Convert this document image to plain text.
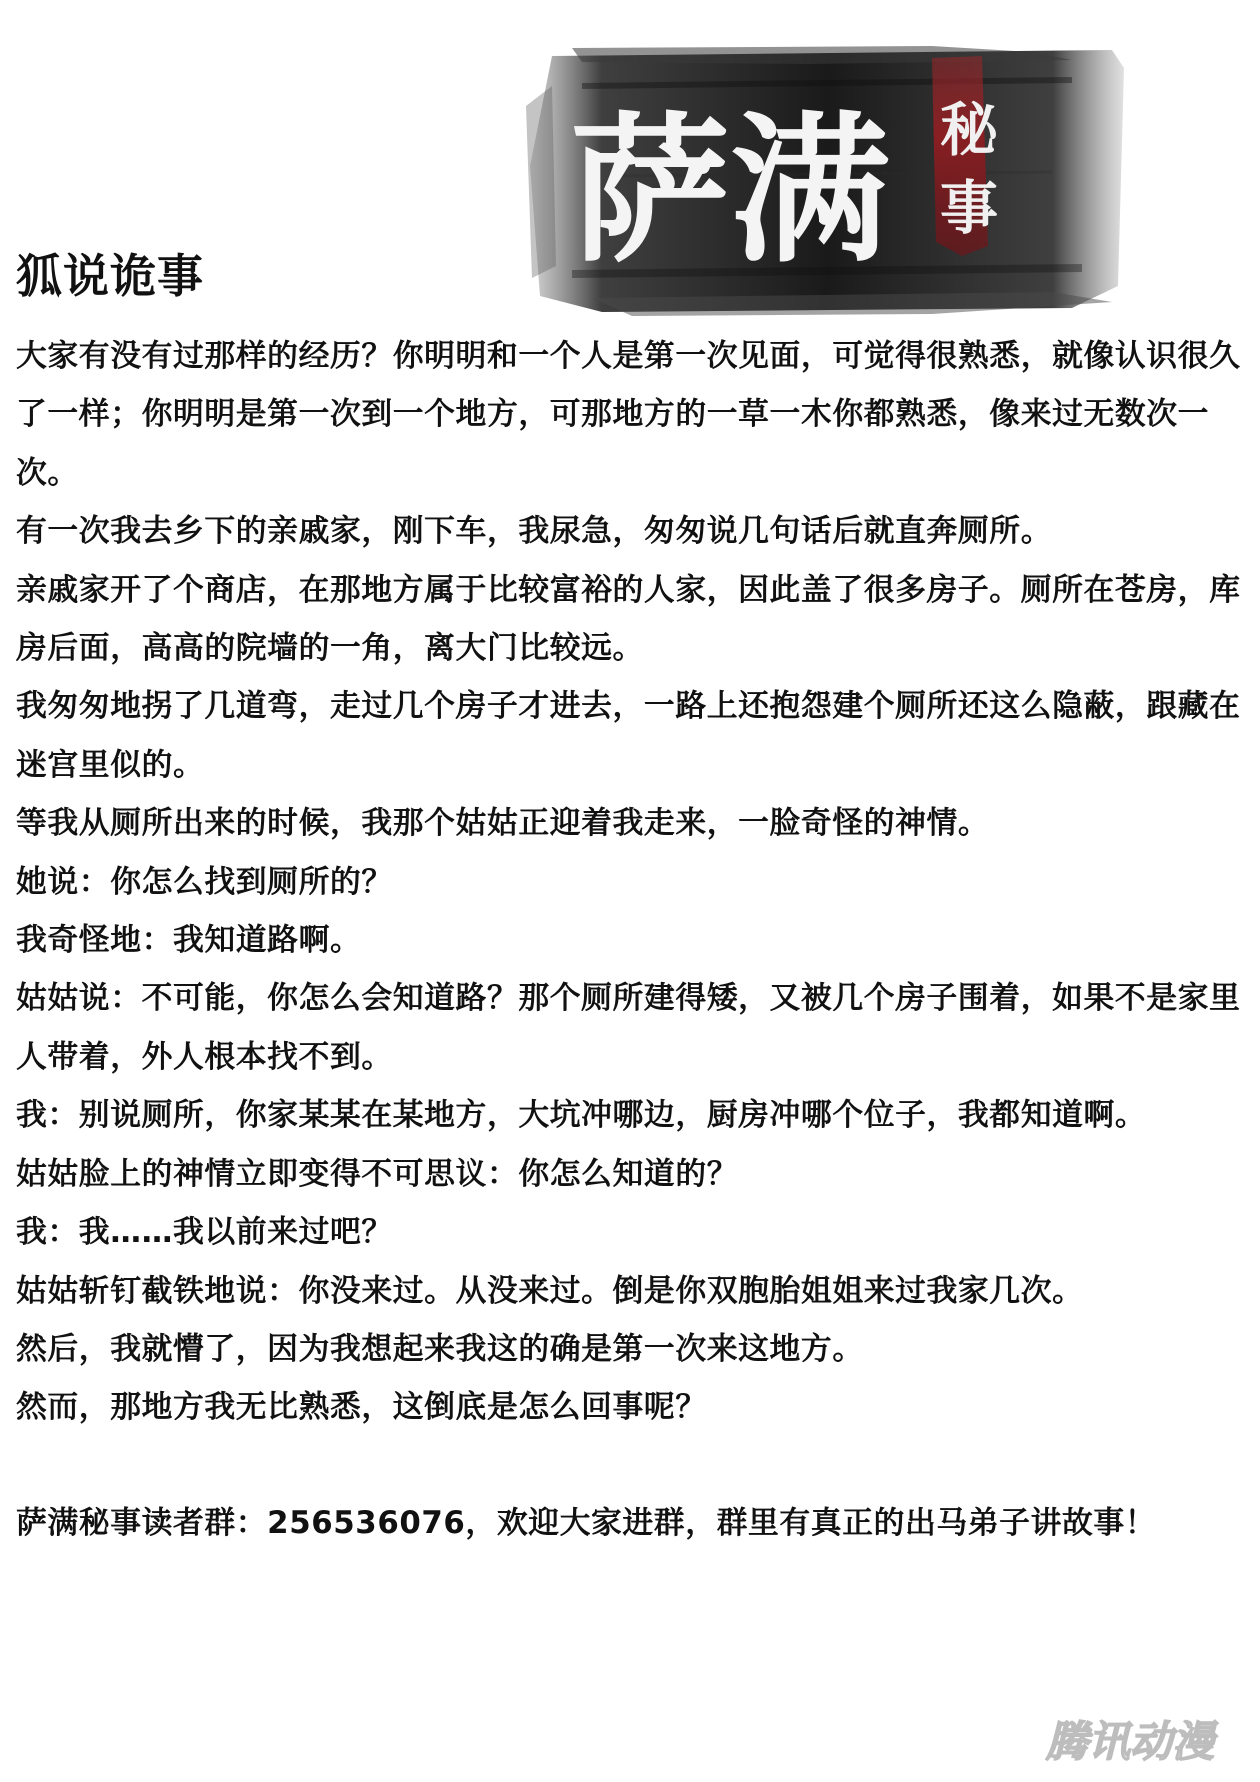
萨满 秘
事
狐说诡事

大家有没有过那样的经历？你明明和一个人是第一次见面，可觉得很熟悉，就像认识很久了一样；你明明是第一次到一个地方，可那地方的一草一木你都熟悉，像来过无数次一次。

有一次我去乡下的亲戚家，刚下车，我尿急，匆匆说几句话后就直奔厕所。

亲戚家开了个商店，在那地方属于比较富裕的人家，因此盖了很多房子。厕所在苍房，库房后面，高高的院墙的一角，离大门比较远。

我匆匆地拐了几道弯，走过几个房子才进去，一路上还抱怨建个厕所还这么隐蔽，跟藏在迷宫里似的。

等我从厕所出来的时候，我那个姑姑正迎着我走来，一脸奇怪的神情。

她说：你怎么找到厕所的？

我奇怪地：我知道路啊。

姑姑说：不可能，你怎么会知道路？那个厕所建得矮，又被几个房子围着，如果不是家里人带着，外人根本找不到。

我：别说厕所，你家某某在某地方，大坑冲哪边，厨房冲哪个位子，我都知道啊。

姑姑脸上的神情立即变得不可思议：你怎么知道的？

我：我……我以前来过吧？

姑姑斩钉截铁地说：你没来过。从没来过。倒是你双胞胎姐姐来过我家几次。

然后，我就懵了，因为我想起来我这的确是第一次来这地方。

然而，那地方我无比熟悉，这倒底是怎么回事呢？

萨满秘事读者群：256536076，欢迎大家进群，群里有真正的出马弟子讲故事！

腾讯动漫
